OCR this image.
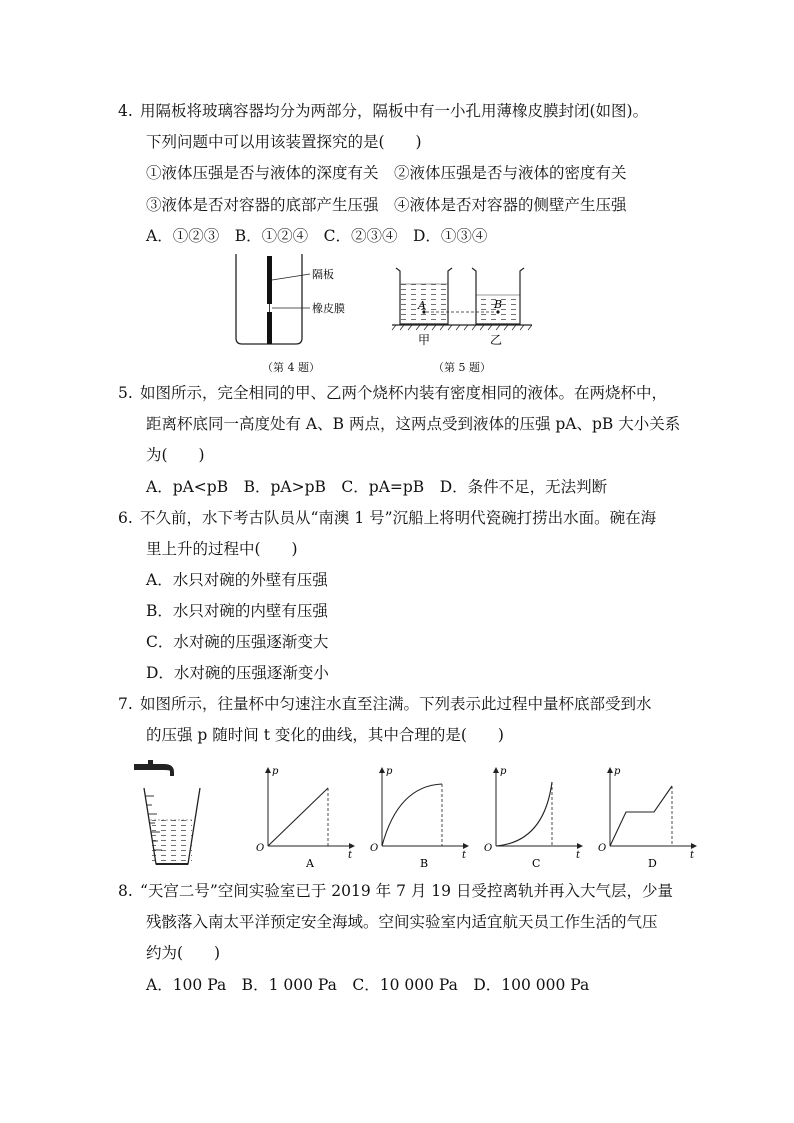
4. 用隔板将玻璃容器均分为两部分，隔板中有一小孔用薄橡皮膜封闭(如图)。
下列问题中可以用该装置探究的是(　　)
①液体压强是否与液体的深度有关　②液体压强是否与液体的密度有关
③液体是否对容器的底部产生压强　④液体是否对容器的侧壁产生压强
A．①②③　B．①②④　C．②③④　D．①③④
隔板
橡皮膜
（第 4 题）
A	B
甲	乙
（第 5 题）
5. 如图所示，完全相同的甲、乙两个烧杯内装有密度相同的液体。在两烧杯中，
距离杯底同一高度处有 A、B 两点，这两点受到液体的压强 pA、pB 大小关系
为(　　)
A．pA<pB　B．pA>pB　C．pA=pB　D．条件不足，无法判断
6. 不久前，水下考古队员从“南澳 1 号”沉船上将明代瓷碗打捞出水面。碗在海
里上升的过程中(　　)
A．水只对碗的外壁有压强
B．水只对碗的内壁有压强
C．水对碗的压强逐渐变大
D．水对碗的压强逐渐变小
7. 如图所示，往量杯中匀速注水直至注满。下列表示此过程中量杯底部受到水
的压强 p 随时间 t 变化的曲线，其中合理的是(　　)
p
t
O
A
p
t
O
B
p
t
O
C
p
t
O
D
8. “天宫二号”空间实验室已于 2019 年 7 月 19 日受控离轨并再入大气层，少量
残骸落入南太平洋预定安全海域。空间实验室内适宜航天员工作生活的气压
约为(　　)
A．100 Pa　B．1 000 Pa　C．10 000 Pa　D．100 000 Pa
